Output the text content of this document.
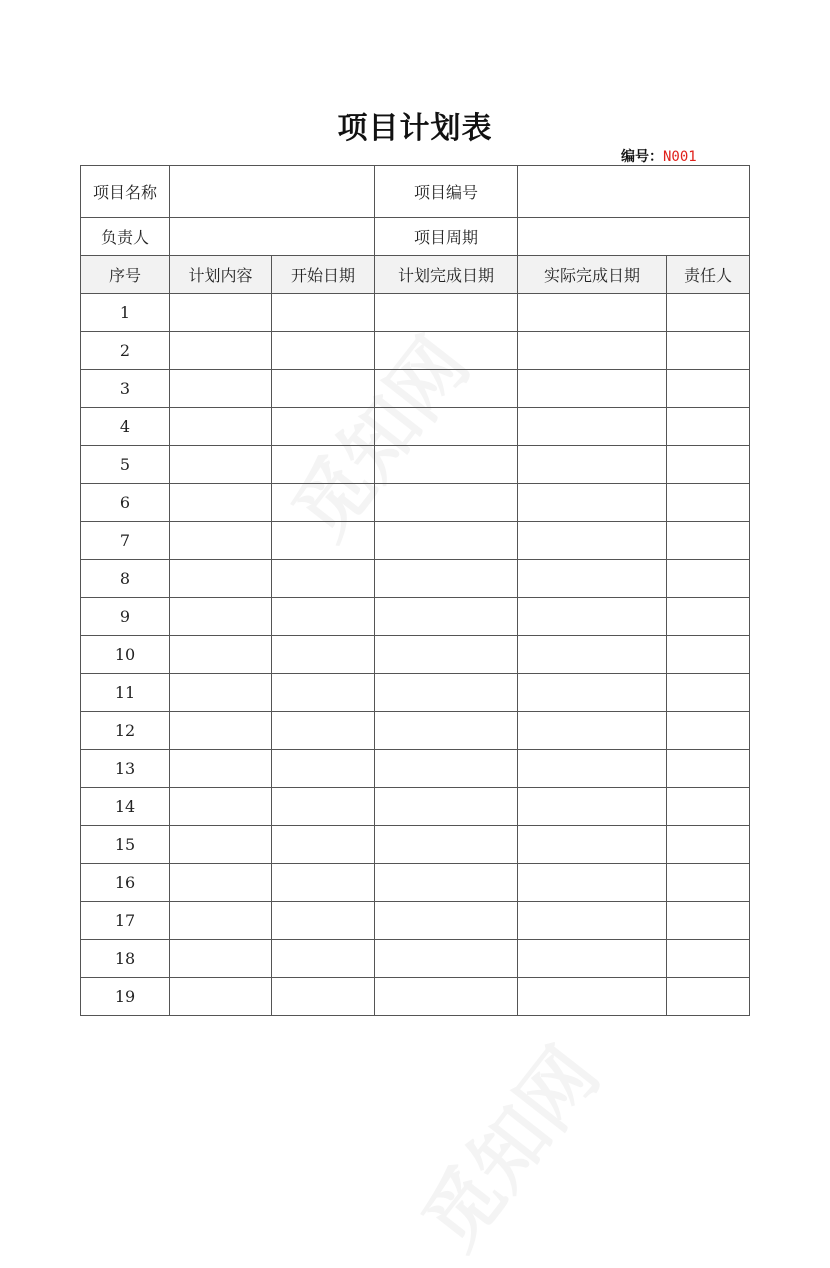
项目计划表
编号：N001
项目名称			项目编号		
负责人			项目周期		
序号	计划内容	开始日期	计划完成日期	实际完成日期	责任人
1					
2					
3					
4					
5					
6					
7					
8					
9					
10					
11					
12					
13					
14					
15					
16					
17					
18					
19					
